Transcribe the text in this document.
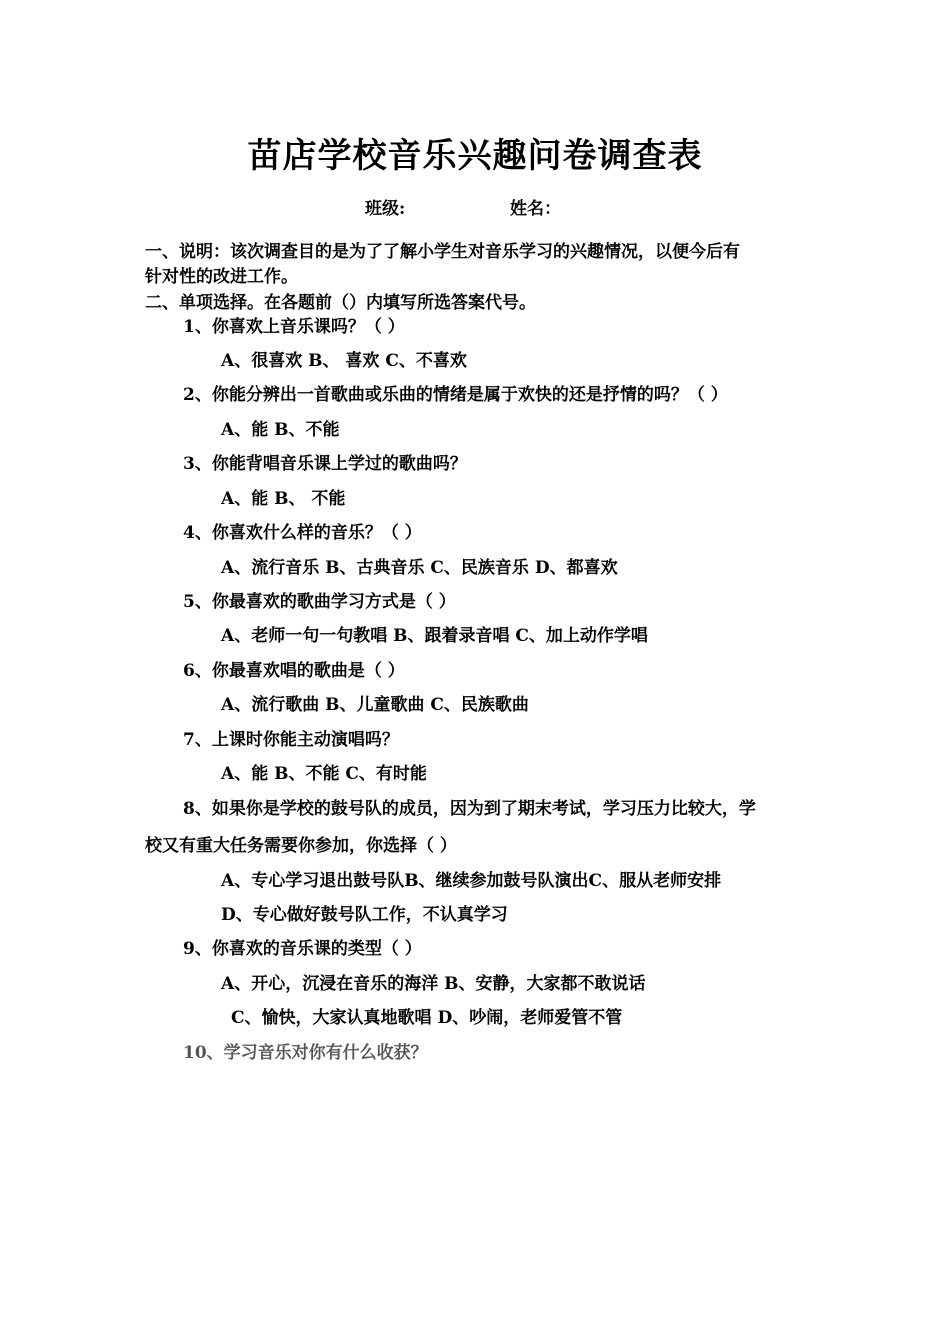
苗店学校音乐兴趣问卷调查表
班级:	姓名：
一、说明：该次调查目的是为了了解小学生对音乐学习的兴趣情况，以便今后有
针对性的改进工作。
二、单项选择。在各题前（）内填写所选答案代号。
1、你喜欢上音乐课吗？（ ）
A、很喜欢 B、 喜欢 C、不喜欢
2、你能分辨出一首歌曲或乐曲的情绪是属于欢快的还是抒情的吗？（ ）
A、能 B、不能
3、你能背唱音乐课上学过的歌曲吗？
A、能 B、 不能
4、你喜欢什么样的音乐？（ ）
A、流行音乐 B、古典音乐 C、民族音乐 D、都喜欢
5、你最喜欢的歌曲学习方式是（ ）
A、老师一句一句教唱 B、跟着录音唱 C、加上动作学唱
6、你最喜欢唱的歌曲是（ ）
A、流行歌曲 B、儿童歌曲 C、民族歌曲
7、上课时你能主动演唱吗？
A、能 B、不能 C、有时能
8、如果你是学校的鼓号队的成员，因为到了期末考试，学习压力比较大，学
校又有重大任务需要你参加，你选择（ ）
A、专心学习退出鼓号队B、继续参加鼓号队演出C、服从老师安排
D、专心做好鼓号队工作，不认真学习
9、你喜欢的音乐课的类型（ ）
A、开心，沉浸在音乐的海洋 B、安静，大家都不敢说话
C、愉快，大家认真地歌唱 D、吵闹，老师爱管不管
10、学习音乐对你有什么收获？
